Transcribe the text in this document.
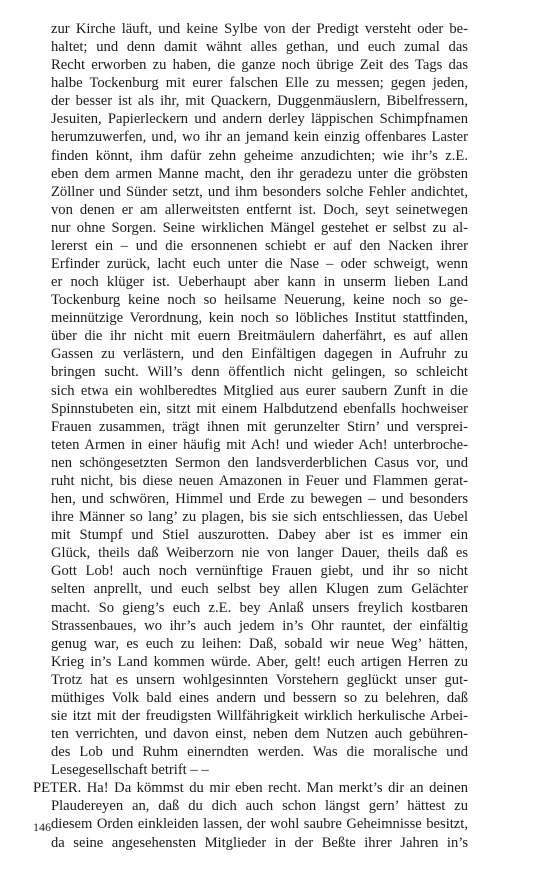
zur Kirche läuft, und keine Sylbe von der Predigt versteht oder be-
haltet; und denn damit wähnt alles gethan, und euch zumal das
Recht erworben zu haben, die ganze noch übrige Zeit des Tags das
halbe Tockenburg mit eurer falschen Elle zu messen; gegen jeden,
der besser ist als ihr, mit Quackern, Duggenmäuslern, Bibelfressern,
Jesuiten, Papierleckern und andern derley läppischen Schimpfnamen
herumzuwerfen, und, wo ihr an jemand kein einzig offenbares Laster
finden könnt, ihm dafür zehn geheime anzudichten; wie ihr’s z.E.
eben dem armen Manne macht, den ihr geradezu unter die gröbsten
Zöllner und Sünder setzt, und ihm besonders solche Fehler andichtet,
von denen er am allerweitsten entfernt ist. Doch, seyt seinetwegen
nur ohne Sorgen. Seine wirklichen Mängel gestehet er selbst zu al-
lererst ein – und die ersonnenen schiebt er auf den Nacken ihrer
Erfinder zurück, lacht euch unter die Nase – oder schweigt, wenn
er noch klüger ist. Ueberhaupt aber kann in unserm lieben Land
Tockenburg keine noch so heilsame Neuerung, keine noch so ge-
meinnützige Verordnung, kein noch so löbliches Institut stattfinden,
über die ihr nicht mit euern Breitmäulern daherfährt, es auf allen
Gassen zu verlästern, und den Einfältigen dagegen in Aufruhr zu
bringen sucht. Will’s denn öffentlich nicht gelingen, so schleicht
sich etwa ein wohlberedtes Mitglied aus eurer saubern Zunft in die
Spinnstubeten ein, sitzt mit einem Halbdutzend ebenfalls hochweiser
Frauen zusammen, trägt ihnen mit gerunzelter Stirn’ und verspreі-
teten Armen in einer häufig mit Ach! und wieder Ach! unterbroche-
nen schöngesetzten Sermon den landsverderblichen Casus vor, und
ruht nicht, bis diese neuen Amazonen in Feuer und Flammen gerat-
hen, und schwören, Himmel und Erde zu bewegen – und besonders
ihre Männer so lang’ zu plagen, bis sie sich entschliessen, das Uebel
mit Stumpf und Stiel auszurotten. Dabey aber ist es immer ein
Glück, theils daß Weiberzorn nie von langer Dauer, theils daß es
Gott Lob! auch noch vernünftige Frauen giebt, und ihr so nicht
selten anprellt, und euch selbst bey allen Klugen zum Gelächter
macht. So gieng’s euch z.E. bey Anlaß unsers freylich kostbaren
Strassenbaues, wo ihr’s auch jedem in’s Ohr rauntet, der einfältig
genug war, es euch zu leihen: Daß, sobald wir neue Weg’ hätten,
Krieg in’s Land kommen würde. Aber, gelt! euch artigen Herren zu
Trotz hat es unsern wohlgesinnten Vorstehern geglückt unser gut-
müthiges Volk bald eines andern und bessern so zu belehren, daß
sie itzt mit der freudigsten Willfährigkeit wirklich herkulische Arbei-
ten verrichten, und davon einst, neben dem Nutzen auch gebühren-
des Lob und Ruhm einerndten werden. Was die moralische und
Lesegesellschaft betrift – –
PETER. Ha! Da kömmst du mir eben recht. Man merkt’s dir an deinen
Plaudereyen an, daß du dich auch schon längst gern’ hättest zu
diesem Orden einkleiden lassen, der wohl saubre Geheimnisse besitzt,
da seine angesehensten Mitglieder in der Beßte ihrer Jahren in’s
146
